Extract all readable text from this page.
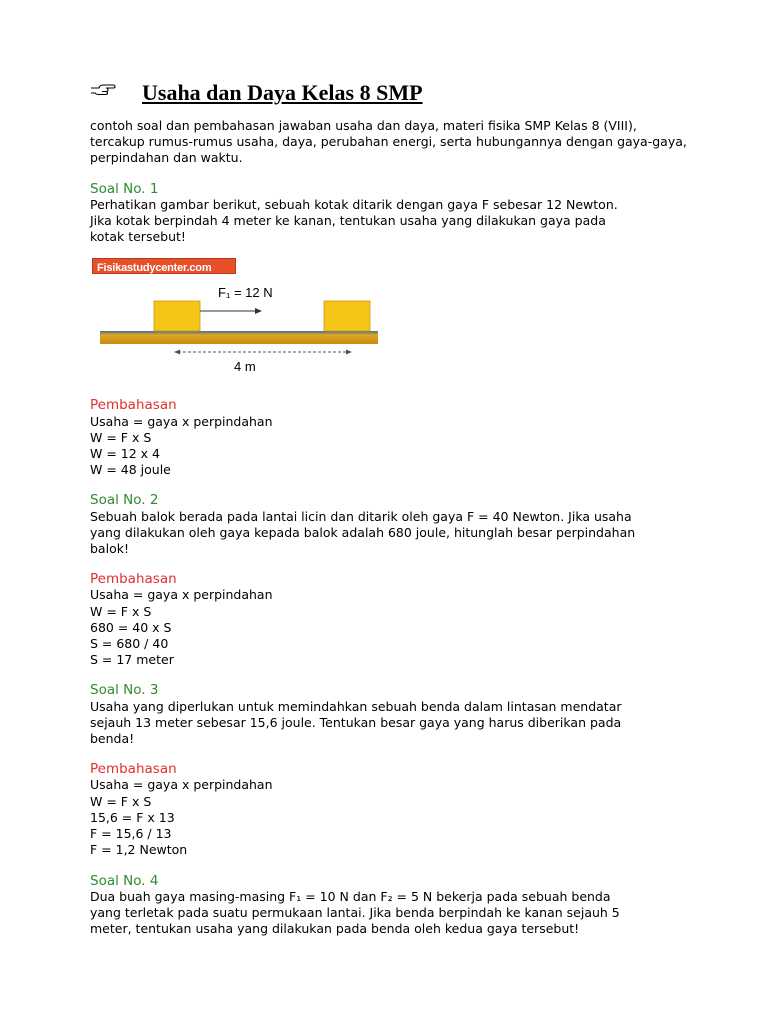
Usaha dan Daya Kelas 8 SMP

contoh soal dan pembahasan jawaban usaha dan daya, materi fisika SMP Kelas 8 (VIII), tercakup rumus-rumus usaha, daya, perubahan energi, serta hubungannya dengan gaya-gaya, perpindahan dan waktu.

Soal No. 1

Perhatikan gambar berikut, sebuah kotak ditarik dengan gaya F sebesar 12 Newton.

Jika kotak berpindah 4 meter ke kanan, tentukan usaha yang dilakukan gaya pada

kotak tersebut!

Fisikastudycenter.com
F₁ = 12 N
4 m

Pembahasan

Usaha = gaya x perpindahan

W = F x S

W = 12 x 4

W = 48 joule

Soal No. 2

Sebuah balok berada pada lantai licin dan ditarik oleh gaya F = 40 Newton. Jika usaha

yang dilakukan oleh gaya kepada balok adalah 680 joule, hitunglah besar perpindahan

balok!

Pembahasan

Usaha = gaya x perpindahan

W = F x S

680 = 40 x S

S = 680 / 40

S = 17 meter

Soal No. 3

Usaha yang diperlukan untuk memindahkan sebuah benda dalam lintasan mendatar

sejauh 13 meter sebesar 15,6 joule. Tentukan besar gaya yang harus diberikan pada

benda!

Pembahasan

Usaha = gaya x perpindahan

W = F x S

15,6 = F x 13

F = 15,6 / 13

F = 1,2 Newton

Soal No. 4

Dua buah gaya masing-masing F₁ = 10 N dan F₂ = 5 N bekerja pada sebuah benda

yang terletak pada suatu permukaan lantai. Jika benda berpindah ke kanan sejauh 5

meter, tentukan usaha yang dilakukan pada benda oleh kedua gaya tersebut!
